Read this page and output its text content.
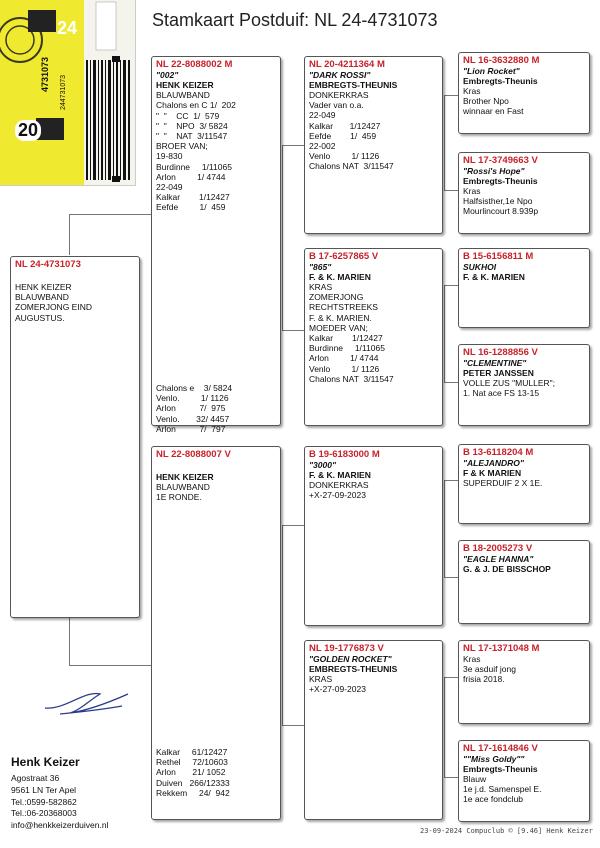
Stamkaart Postduif: NL 24-4731073
20
24
4731073
244731073
NL 24-4731073
HENK KEIZER
BLAUWBAND
ZOMERJONG EIND
AUGUSTUS.
NL 22-8088002 M
"002"
HENK KEIZER
BLAUWBAND
Chalons en C 1/  202
"  "    CC  1/  579
"  "    NPO  3/ 5824
"  "    NAT  3/11547
BROER VAN;
19-830
Burdinne     1/11065
Arlon         1/ 4744
22-049
Kalkar        1/12427
Eefde         1/  459
Chalons e    3/ 5824
Venlo.         1/ 1126
Arlon          7/  975
Venlo.       32/ 4457
Arlon          7/  797
NL 22-8088007 V
HENK KEIZER
BLAUWBAND
1E RONDE.
Kalkar     61/12427
Rethel     72/10603
Arlon       21/ 1052
Duiven   266/12333
Rekkem     24/  942
NL 20-4211364 M
"DARK ROSSI"
EMBREGTS-THEUNIS
DONKERKRAS
Vader van o.a.
22-049
Kalkar       1/12427
Eefde        1/  459
22-002
Venlo         1/ 1126
Chalons NAT  3/11547
B 17-6257865 V
"865"
F. & K. MARIEN
KRAS
ZOMERJONG
RECHTSTREEKS
F. & K. MARIEN.
MOEDER VAN;
Kalkar        1/12427
Burdinne     1/11065
Arlon         1/ 4744
Venlo         1/ 1126
Chalons NAT  3/11547
B 19-6183000 M
"3000"
F. & K. MARIEN
DONKERKRAS
+X-27-09-2023
NL 19-1776873 V
"GOLDEN ROCKET"
EMBREGTS-THEUNIS
KRAS
+X-27-09-2023
NL 16-3632880 M
"Lion Rocket"
Embregts-Theunis
Kras
Brother Npo
winnaar en Fast
NL 17-3749663 V
"Rossi's Hope"
Embregts-Theunis
Kras
Halfsisther,1e Npo
Mourlincourt 8.939p
B 15-6156811 M
SUKHOI
F. & K. MARIEN
NL 16-1288856 V
"CLEMENTINE"
PETER JANSSEN
VOLLE ZUS "MULLER";
1. Nat ace FS 13-15
B 13-6118204 M
"ALEJANDRO"
F & K MARIEN
SUPERDUIF 2 X 1E.
B 18-2005273 V
"EAGLE HANNA"
G. & J. DE BISSCHOP
NL 17-1371048 M
Kras
3e asduif jong
frisia 2018.
NL 17-1614846 V
""Miss Goldy""
Embregts-Theunis
Blauw
1e j.d. Samenspel E.
1e ace fondclub
Henk Keizer
Agostraat 36
9561 LN Ter Apel
Tel.:0599-582862
Tel.:06-20368003
info@henkkeizerduiven.nl
23-09-2024 Compuclub © [9.46] Henk Keizer
